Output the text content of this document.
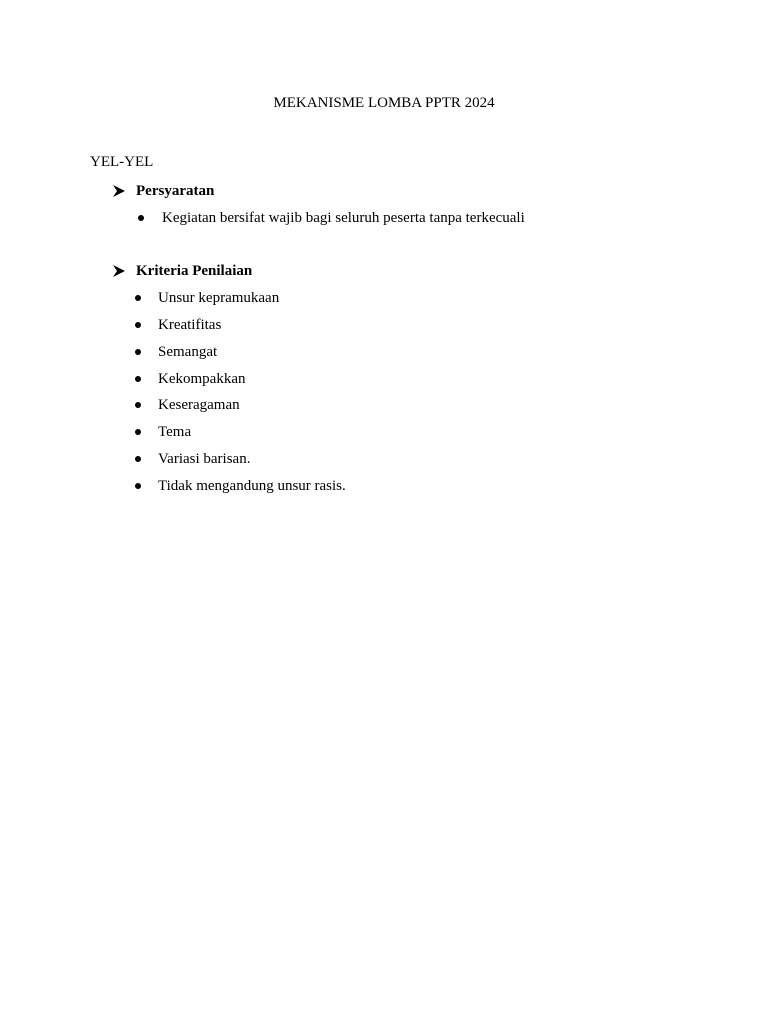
MEKANISME LOMBA PPTR 2024
YEL-YEL
Persyaratan
Kegiatan bersifat wajib bagi seluruh peserta tanpa terkecuali
Kriteria Penilaian
Unsur kepramukaan
Kreatifitas
Semangat
Kekompakkan
Keseragaman
Tema
Variasi barisan.
Tidak mengandung unsur rasis.
